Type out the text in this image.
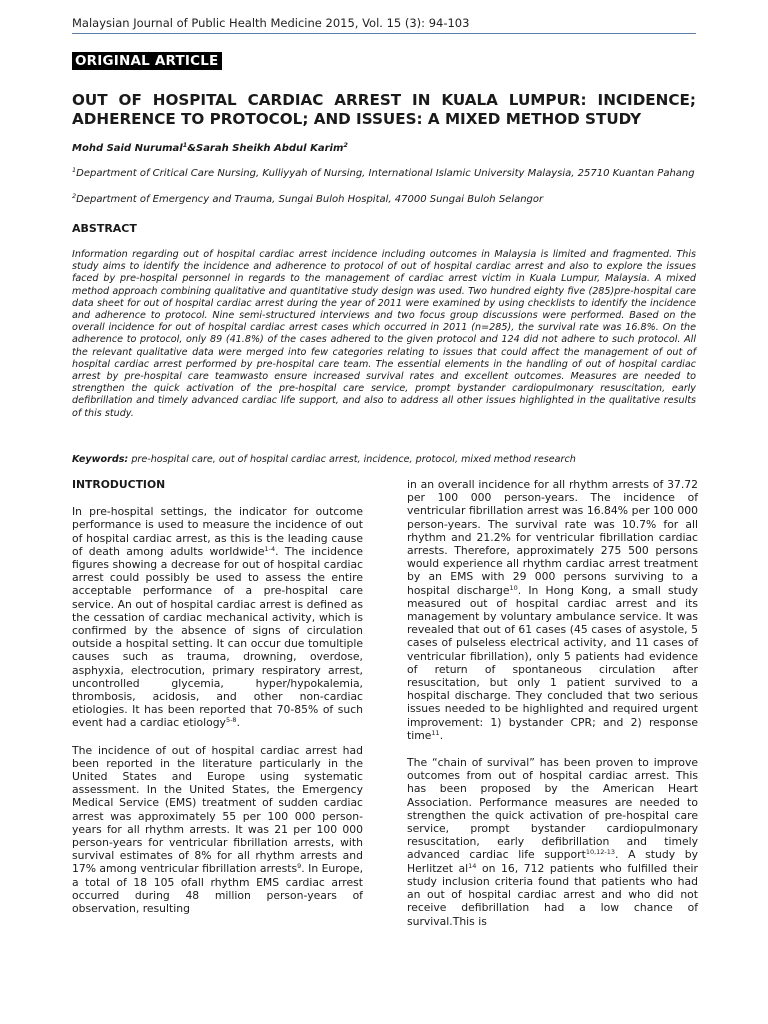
Malaysian Journal of Public Health Medicine 2015, Vol. 15 (3): 94-103
ORIGINAL ARTICLE
OUT OF HOSPITAL CARDIAC ARREST IN KUALA LUMPUR: INCIDENCE; ADHERENCE TO PROTOCOL; AND ISSUES: A MIXED METHOD STUDY
Mohd Said Nurumal$^1$&Sarah Sheikh Abdul Karim$^2$

$^1$Department of Critical Care Nursing, Kulliyyah of Nursing, International Islamic University Malaysia, 25710 Kuantan Pahang

$^2$Department of Emergency and Trauma, Sungai Buloh Hospital, 47000 Sungai Buloh Selangor

ABSTRACT

Information regarding out of hospital cardiac arrest incidence including outcomes in Malaysia is limited and fragmented. This study aims to identify the incidence and adherence to protocol of out of hospital cardiac arrest and also to explore the issues faced by pre-hospital personnel in regards to the management of cardiac arrest victim in Kuala Lumpur, Malaysia. A mixed method approach combining qualitative and quantitative study design was used. Two hundred eighty five (285)pre-hospital care data sheet for out of hospital cardiac arrest during the year of 2011 were examined by using checklists to identify the incidence and adherence to protocol. Nine semi-structured interviews and two focus group discussions were performed. Based on the overall incidence for out of hospital cardiac arrest cases which occurred in 2011 (n=285), the survival rate was 16.8%. On the adherence to protocol, only 89 (41.8%) of the cases adhered to the given protocol and 124 did not adhere to such protocol. All the relevant qualitative data were merged into few categories relating to issues that could affect the management of out of hospital cardiac arrest performed by pre-hospital care team. The essential elements in the handling of out of hospital cardiac arrest by pre-hospital care teamwasto ensure increased survival rates and excellent outcomes. Measures are needed to strengthen the quick activation of the pre-hospital care service, prompt bystander cardiopulmonary resuscitation, early defibrillation and timely advanced cardiac life support, and also to address all other issues highlighted in the qualitative results of this study.

Keywords: pre-hospital care, out of hospital cardiac arrest, incidence, protocol, mixed method research

INTRODUCTION

In pre-hospital settings, the indicator for outcome performance is used to measure the incidence of out of hospital cardiac arrest, as this is the leading cause of death among adults worldwide$^{1-4}$. The incidence figures showing a decrease for out of hospital cardiac arrest could possibly be used to assess the entire acceptable performance of a pre-hospital care service. An out of hospital cardiac arrest is defined as the cessation of cardiac mechanical activity, which is confirmed by the absence of signs of circulation outside a hospital setting. It can occur due tomultiple causes such as trauma, drowning, overdose, asphyxia, electrocution, primary respiratory arrest, uncontrolled glycemia, hyper/hypokalemia, thrombosis, acidosis, and other non-cardiac etiologies. It has been reported that 70-85% of such event had a cardiac etiology$^{5-8}$.

The incidence of out of hospital cardiac arrest had been reported in the literature particularly in the United States and Europe using systematic assessment. In the United States, the Emergency Medical Service (EMS) treatment of sudden cardiac arrest was approximately 55 per 100 000 person-years for all rhythm arrests. It was 21 per 100 000 person-years for ventricular fibrillation arrests, with survival estimates of 8% for all rhythm arrests and 17% among ventricular fibrillation arrests$^9$. In Europe, a total of 18 105 ofall rhythm EMS cardiac arrest occurred during 48 million person-years of observation, resulting

in an overall incidence for all rhythm arrests of 37.72 per 100 000 person-years. The incidence of ventricular fibrillation arrest was 16.84% per 100 000 person-years. The survival rate was 10.7% for all rhythm and 21.2% for ventricular fibrillation cardiac arrests. Therefore, approximately 275 500 persons would experience all rhythm cardiac arrest treatment by an EMS with 29 000 persons surviving to a hospital discharge$^{10}$. In Hong Kong, a small study measured out of hospital cardiac arrest and its management by voluntary ambulance service. It was revealed that out of 61 cases (45 cases of asystole, 5 cases of pulseless electrical activity, and 11 cases of ventricular fibrillation), only 5 patients had evidence of return of spontaneous circulation after resuscitation, but only 1 patient survived to a hospital discharge. They concluded that two serious issues needed to be highlighted and required urgent improvement: 1) bystander CPR; and 2) response time$^{11}$.

The “chain of survival” has been proven to improve outcomes from out of hospital cardiac arrest. This has been proposed by the American Heart Association. Performance measures are needed to strengthen the quick activation of pre-hospital care service, prompt bystander cardiopulmonary resuscitation, early defibrillation and timely advanced cardiac life support$^{10,12-13}$. A study by Herlitzet $al^{14}$ on 16, 712 patients who fulfilled their study inclusion criteria found that patients who had an out of hospital cardiac arrest and who did not receive defibrillation had a low chance of survival.This is
